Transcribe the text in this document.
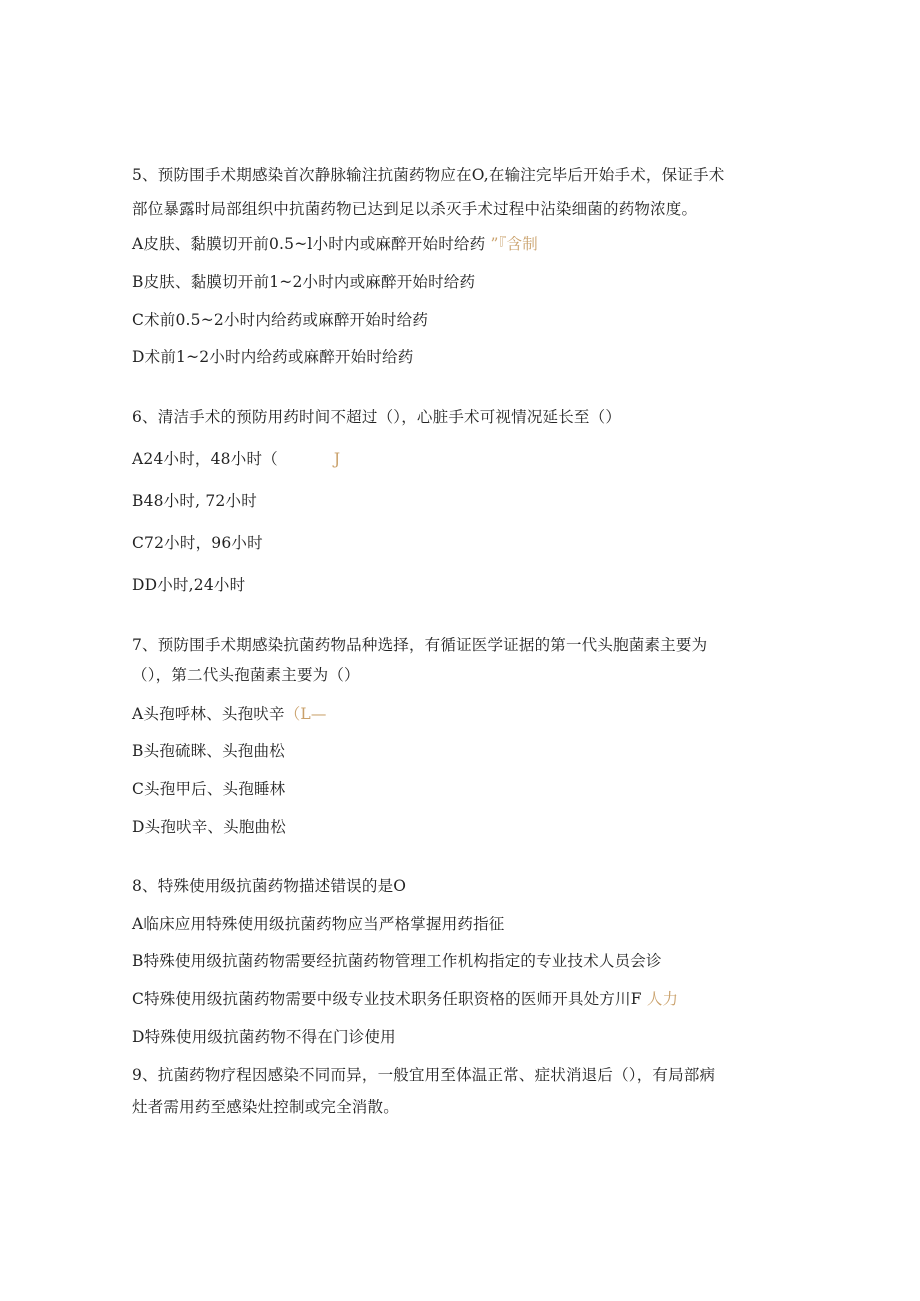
5、预防围手术期感染首次静脉输注抗菌药物应在O,在输注完毕后开始手术，保证手术
部位暴露时局部组织中抗菌药物已达到足以杀灭手术过程中沾染细菌的药物浓度。
A皮肤、黏膜切开前0.5~l小时内或麻醉开始时给药 ”『含制
B皮肤、黏膜切开前1~2小时内或麻醉开始时给药
C术前0.5~2小时内给药或麻醉开始时给药
D术前1~2小时内给药或麻醉开始时给药
6、清洁手术的预防用药时间不超过（），心脏手术可视情况延长至（）
A24小时，48小时（	J
B48小时, 72小时
C72小时，96小时
DD小时,24小时
7、预防围手术期感染抗菌药物品种选择，有循证医学证据的第一代头胞菌素主要为
（），第二代头孢菌素主要为（）
A头孢呼林、头孢吠辛（L—
B头孢硫眯、头孢曲松
C头孢甲后、头孢睡林
D头孢吠辛、头胞曲松
8、特殊使用级抗菌药物描述错误的是O
A临床应用特殊使用级抗菌药物应当严格掌握用药指征
B特殊使用级抗菌药物需要经抗菌药物管理工作机构指定的专业技术人员会诊
C特殊使用级抗菌药物需要中级专业技术职务任职资格的医师开具处方川F 人力
D特殊使用级抗菌药物不得在门诊使用
9、抗菌药物疗程因感染不同而异，一般宜用至体温正常、症状消退后（），有局部病
灶者需用药至感染灶控制或完全消散。
